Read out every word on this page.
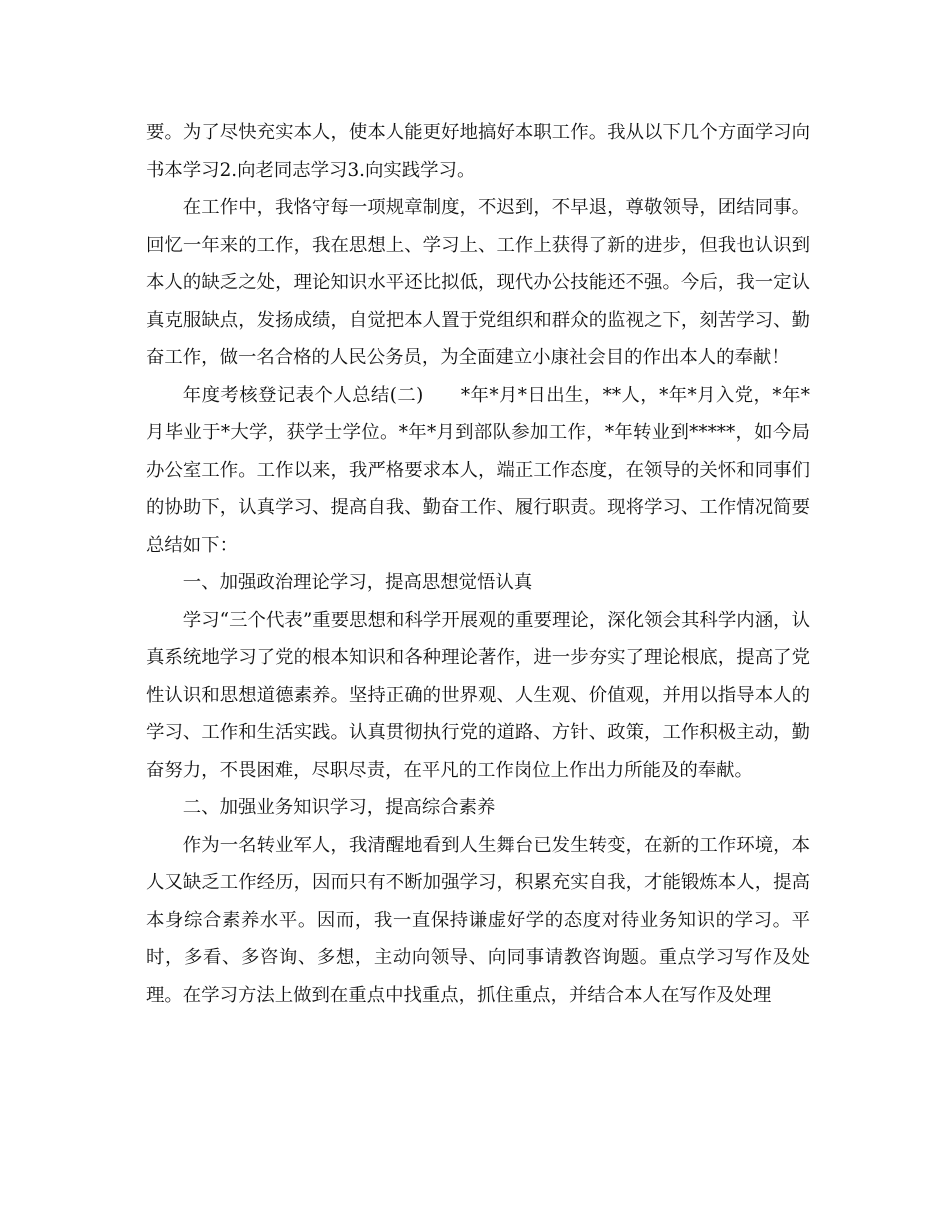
要。为了尽快充实本人，使本人能更好地搞好本职工作。我从以下几个方面学习向书本学习2.向老同志学习3.向实践学习。

在工作中，我恪守每一项规章制度，不迟到，不早退，尊敬领导，团结同事。回忆一年来的工作，我在思想上、学习上、工作上获得了新的进步，但我也认识到本人的缺乏之处，理论知识水平还比拟低，现代办公技能还不强。今后，我一定认真克服缺点，发扬成绩，自觉把本人置于党组织和群众的监视之下，刻苦学习、勤奋工作，做一名合格的人民公务员，为全面建立小康社会目的作出本人的奉献！

年度考核登记表个人总结(二)      *年*月*日出生，**人，*年*月入党，*年*月毕业于*大学，获学士学位。*年*月到部队参加工作，*年转业到*****，如今局办公室工作。工作以来，我严格要求本人，端正工作态度，在领导的关怀和同事们的协助下，认真学习、提高自我、勤奋工作、履行职责。现将学习、工作情况简要总结如下：

一、加强政治理论学习，提高思想觉悟认真

学习“三个代表”重要思想和科学开展观的重要理论，深化领会其科学内涵，认真系统地学习了党的根本知识和各种理论著作，进一步夯实了理论根底，提高了党性认识和思想道德素养。坚持正确的世界观、人生观、价值观，并用以指导本人的学习、工作和生活实践。认真贯彻执行党的道路、方针、政策，工作积极主动，勤奋努力，不畏困难，尽职尽责，在平凡的工作岗位上作出力所能及的奉献。

二、加强业务知识学习，提高综合素养

作为一名转业军人，我清醒地看到人生舞台已发生转变，在新的工作环境，本人又缺乏工作经历，因而只有不断加强学习，积累充实自我，才能锻炼本人，提高本身综合素养水平。因而，我一直保持谦虚好学的态度对待业务知识的学习。平时，多看、多咨询、多想，主动向领导、向同事请教咨询题。重点学习写作及处理。在学习方法上做到在重点中找重点，抓住重点，并结合本人在写作及处理
